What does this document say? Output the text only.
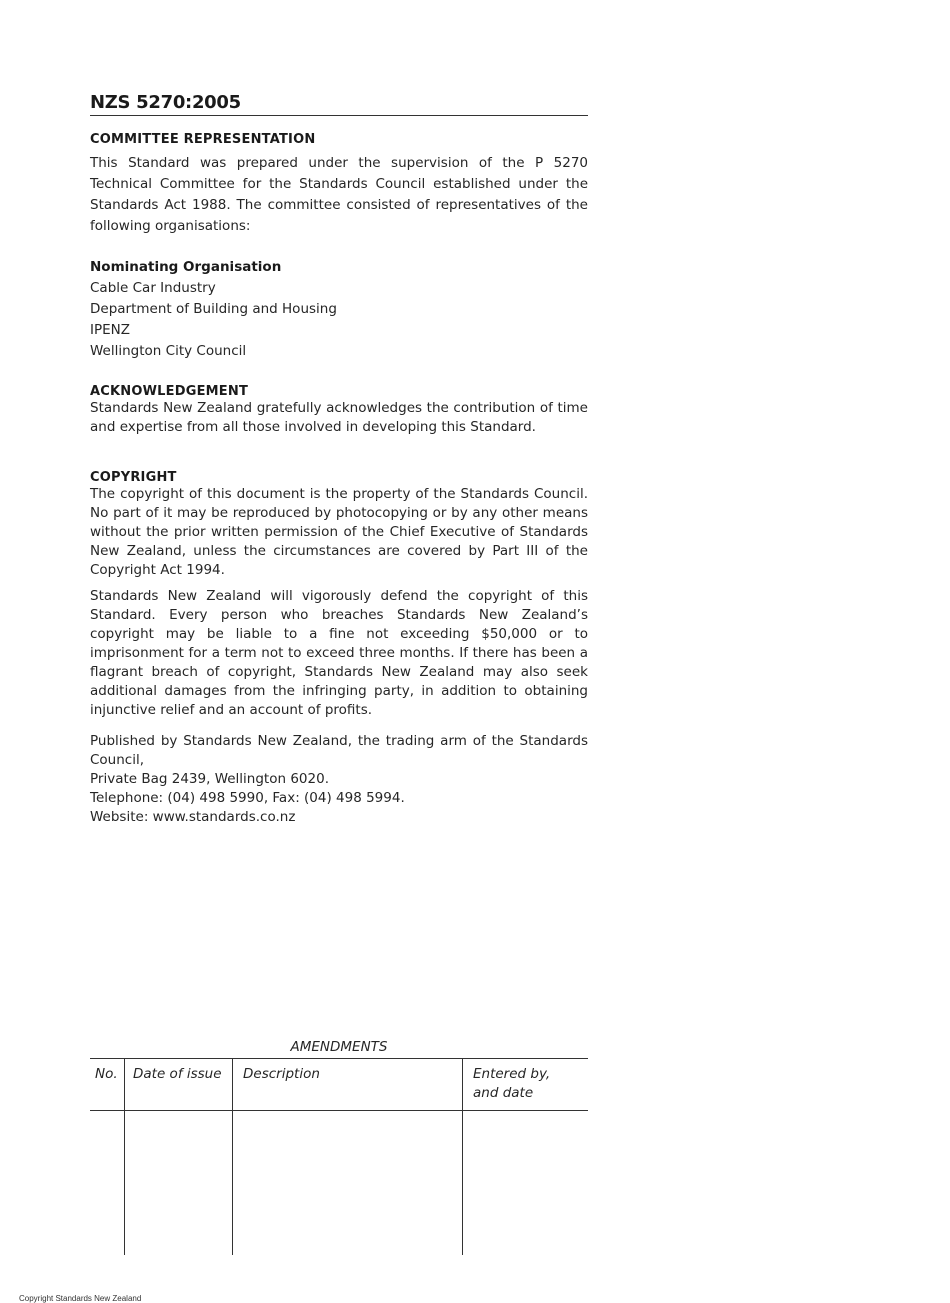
NZS 5270:2005
COMMITTEE REPRESENTATION

This Standard was prepared under the supervision of the P 5270 Technical Committee for the Standards Council established under the Standards Act 1988. The committee consisted of representatives of the following organisations:

Nominating Organisation
Cable Car Industry
Department of Building and Housing
IPENZ
Wellington City Council
ACKNOWLEDGEMENT

Standards New Zealand gratefully acknowledges the contribution of time and expertise from all those involved in developing this Standard.

COPYRIGHT

The copyright of this document is the property of the Standards Council. No part of it may be reproduced by photocopying or by any other means without the prior written permission of the Chief Executive of Standards New Zealand, unless the circumstances are covered by Part III of the Copyright Act 1994.

Standards New Zealand will vigorously defend the copyright of this Standard. Every person who breaches Standards New Zealand’s copyright may be liable to a fine not exceeding $50,000 or to imprisonment for a term not to exceed three months. If there has been a flagrant breach of copyright, Standards New Zealand may also seek additional damages from the infringing party, in addition to obtaining injunctive relief and an account of profits.

Published by Standards New Zealand, the trading arm of the Standards Council,
Private Bag 2439, Wellington 6020.
Telephone: (04) 498 5990, Fax: (04) 498 5994.
Website: www.standards.co.nz
AMENDMENTS
No. Date of issue Description	Entered by,
and date
Copyright Standards New Zealand
